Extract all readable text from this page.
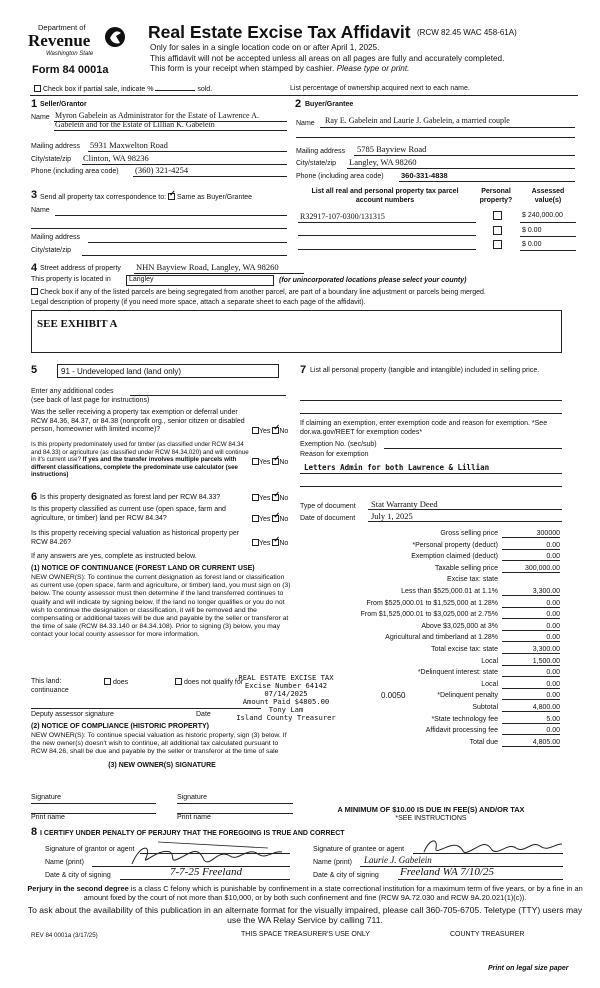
Department of
Revenue
Washington State
Form 84 0001a
Real Estate Excise Tax Affidavit (RCW 82.45 WAC 458-61A)
Only for sales in a single location code on or after April 1, 2025.
This affidavit will not be accepted unless all areas on all pages are fully and accurately completed.
This form is your receipt when stamped by cashier. Please type or print.
Check box if partial sale, indicate %	sold.	List percentage of ownership acquired next to each name.
1 Seller/Grantor
Name Myron Gabelein as Administrator for the Estate of Lawrence A.
Gabelein and for the Estate of Lillian K. Gabelein
Mailing address 5931 Maxwelton Road
City/state/zip Clinton, WA 98236
Phone (including area code) (360) 321-4254
2 Buyer/Grantee
Name Ray E. Gabelein and Laurie J. Gabelein, a married couple
Mailing address 5785 Bayview Road
City/state/zip Langley, WA 98260
Phone (including area code) 360-331-4838
3 Send all property tax correspondence to: ✓ Same as Buyer/Grantee
Name
Mailing address
City/state/zip
List all real and personal property tax parcel account numbers
Personal property?
Assessed value(s)
R32917-107-0300/131315	$ 240,000.00
$ 0.00
$ 0.00
4 Street address of property NHN Bayview Road, Langley, WA 98260
This property is located in	Langley	(for unincorporated locations please select your county)
Check box if any of the listed parcels are being segregated from another parcel, are part of a boundary line adjustment or parcels being merged.
Legal description of property (if you need more space, attach a separate sheet to each page of the affidavit).
SEE EXHIBIT A
5	91 - Undeveloped land (land only)
Enter any additional codes
(see back of last page for instructions)
Was the seller receiving a property tax exemption or deferral under RCW 84.36, 84.37, or 84.38 (nonprofit org., senior citizen or disabled person, homeowner with limited income)?	Yes ✓ No
Is this property predominately used for timber (as classified under RCW 84.34 and 84.33) or agriculture (as classified under RCW 84.34.020) and will continue in it's current use? If yes and the transfer involves multiple parcels with different classifications, complete the predominate use calculator (see instructions)
Yes ✓ No
6 Is this property designated as forest land per RCW 84.33?	Yes ✓ No
Is this property classified as current use (open space, farm and agriculture, or timber) land per RCW 84.34?	Yes ✓ No
Is this property receiving special valuation as historical property per RCW 84.26?	Yes ✓ No
If any answers are yes, complete as instructed below.
(1) NOTICE OF CONTINUANCE (FOREST LAND OR CURRENT USE)
NEW OWNER(S): To continue the current designation as forest land or classification as current use (open space, farm and agriculture, or timber) land, you must sign on (3) below. The county assessor must then determine if the land transferred continues to qualify and will indicate by signing below. If the land no longer qualifies or you do not wish to continue the designation or classification, it will be removed and the compensating or additional taxes will be due and payable by the seller or transferor at the time of sale (RCW 84.33.140 or 84.34.108). Prior to signing (3) below, you may contact your local county assessor for more information.
This land:
continuance
does	does not qualify for
Deputy assessor signature	Date
(2) NOTICE OF COMPLIANCE (HISTORIC PROPERTY)
NEW OWNER(S): To continue special valuation as historic property, sign (3) below. If the new owner(s) doesn't wish to continue, all additional tax calculated pursuant to RCW 84.26, shall be due and payable by the seller or transferor at the time of sale
(3) NEW OWNER(S) SIGNATURE
Signature	Signature
Print name	Print name
7 List all personal property (tangible and intangible) included in selling price.
If claiming an exemption, enter exemption code and reason for exemption. *See dor.wa.gov/REET for exemption codes*
Exemption No. (sec/sub)
Reason for exemption
Letters Admin for both Lawrence & Lillian
Type of document Stat Warranty Deed
Date of document July 1, 2025
Gross selling price	300000
*Personal property (deduct)	0.00
Exemption claimed (deduct)	0.00
Taxable selling price	300,000.00
Excise tax: state
Less than $525,000.01 at 1.1%	3,300.00
From $525,000.01 to $1,525,000 at 1.28%	0.00
From $1,525,000.01 to $3,025,000 at 2.75%	0.00
Above $3,025,000 at 3%	0.00
Agricultural and timberland at 1.28%	0.00
Total excise tax: state	3,300.00
Local	1,500.00
*Delinquent interest: state	0.00
Local	0.00
*Delinquent penalty	0.00
Subtotal	4,800.00
*State technology fee	5.00
Affidavit processing fee	0.00
Total due	4,805.00
0.0050
REAL ESTATE EXCISE TAX
Excise Number 64142
07/14/2025
Amount Paid $4805.00
Tony Lam
Island County Treasurer
A MINIMUM OF $10.00 IS DUE IN FEE(S) AND/OR TAX
*SEE INSTRUCTIONS
8 I CERTIFY UNDER PENALTY OF PERJURY THAT THE FOREGOING IS TRUE AND CORRECT
Signature of grantor or agent
Name (print)
Date & city of signing	7-7-25 Freeland
Signature of grantee or agent
Name (print) Laurie J. Gabelein
Date & city of signing Freeland WA 7/10/25
Perjury in the second degree is a class C felony which is punishable by confinement in a state correctional institution for a maximum term of five years, or by a fine in an amount fixed by the court of not more than $10,000, or by both such confinement and fine (RCW 9A.72.030 and RCW 9A.20.021(1)(c)).
To ask about the availability of this publication in an alternate format for the visually impaired, please call 360-705-6705. Teletype (TTY) users may use the WA Relay Service by calling 711.
REV 84 0001a (3/17/25)	THIS SPACE TREASURER'S USE ONLY	COUNTY TREASURER
Print on legal size paper
